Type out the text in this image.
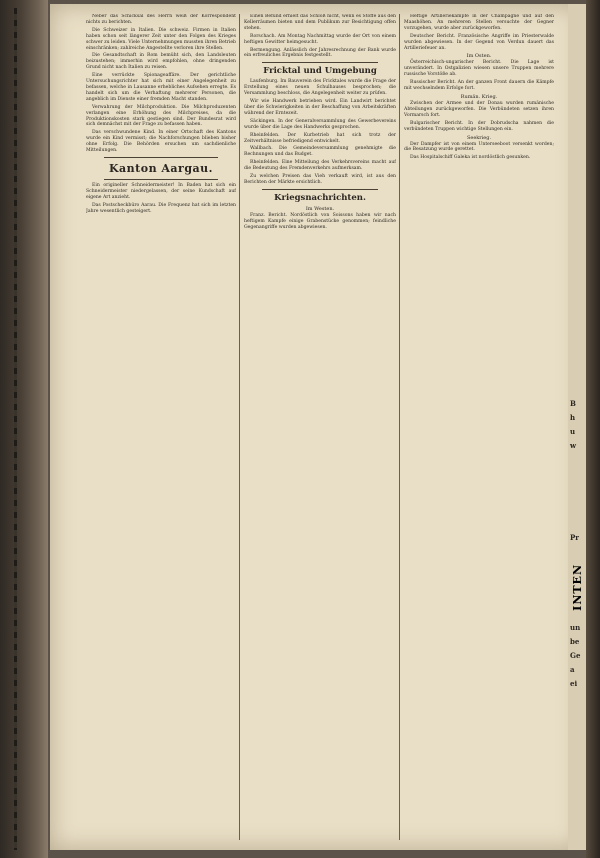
Neber das Schicksal des Herrn weiß der Korrespondent nichts zu berichten.

Die Schweizer in Italien. Die schweiz. Firmen in Italien haben schon seit längerer Zeit unter den Folgen des Krieges schwer zu leiden. Viele Unternehmungen mussten ihren Betrieb einschränken; zahlreiche Angestellte verloren ihre Stellen.

Die Gesandtschaft in Rom bemüht sich, den Landsleuten beizustehen; immerhin wird empfohlen, ohne dringenden Grund nicht nach Italien zu reisen.

Eine verrückte Spionageaffäre. Der gerichtliche Untersuchungsrichter hat sich mit einer Angelegenheit zu befassen, welche in Lausanne erhebliches Aufsehen erregte. Es handelt sich um die Verhaftung mehrerer Personen, die angeblich im Dienste einer fremden Macht standen.

Verwahrung der Milchproduktion. Die Milchproduzenten verlangen eine Erhöhung des Milchpreises, da die Produktionskosten stark gestiegen sind. Der Bundesrat wird sich demnächst mit der Frage zu befassen haben.

Das verschwundene Kind. In einer Ortschaft des Kantons wurde ein Kind vermisst; die Nachforschungen blieben bisher ohne Erfolg. Die Behörden ersuchen um sachdienliche Mitteilungen.

Kanton Aargau.

Ein origineller Schneidermeister! In Baden hat sich ein Schneidermeister niedergelassen, der seine Kundschaft auf eigene Art anzieht.

Das Postscheckbüro Aarau. Die Frequenz hat sich im letzten Jahre wesentlich gesteigert.

Einen Befund erhielt das Schloß nicht, wenn es Stoffe aus den Kellerräumen bieten und dem Publikum zur Besichtigung offen stehen.

Rorschach. Am Montag Nachmittag wurde der Ort von einem heftigen Gewitter heimgesucht.

Bermengung. Anlässlich der Jahresrechnung der Bank wurde ein erfreuliches Ergebnis festgestellt.

Fricktal und Umgebung

Laufenburg. Im Bauverein des Fricktales wurde die Frage der Erstellung eines neuen Schulhauses besprochen; die Versammlung beschloss, die Angelegenheit weiter zu prüfen.

Wir wie Handwerk betrieben wird. Ein Landwirt berichtet über die Schwierigkeiten in der Beschaffung von Arbeitskräften während der Erntezeit.

Säckingen. In der Generalversammlung des Gewerbevereins wurde über die Lage des Handwerks gesprochen.

Rheinfelden. Der Kurbetrieb hat sich trotz der Zeitverhältnisse befriedigend entwickelt.

Wallbach. Die Gemeindeversammlung genehmigte die Rechnungen und das Budget.

Rheinfelden. Eine Mitteilung des Verkehrsvereins macht auf die Bedeutung des Fremdenverkehrs aufmerksam.

Zu welchen Preisen das Vieh verkauft wird, ist aus den Berichten der Märkte ersichtlich.

Kriegsnachrichten.
Im Westen.

Franz. Bericht. Nordöstlich von Soissons haben wir nach heftigem Kampfe einige Grabenstücke genommen; feindliche Gegenangriffe wurden abgewiesen.

Heftige Artilleriekämpfe in der Champagne und auf den Maashöhen. An mehreren Stellen versuchte der Gegner vorzugehen, wurde aber zurückgeworfen.

Deutscher Bericht. Französische Angriffe im Priesterwalde wurden abgewiesen. In der Gegend von Verdun dauert das Artilleriefeuer an.

Im Osten.

Österreichisch-ungarischer Bericht. Die Lage ist unverändert. In Ostgalizien wiesen unsere Truppen mehrere russische Vorstöße ab.

Russischer Bericht. An der ganzen Front dauern die Kämpfe mit wechselndem Erfolge fort.

Rumän. Krieg.

Zwischen der Armee und der Donau wurden rumänische Abteilungen zurückgeworfen. Die Verbündeten setzen ihren Vormarsch fort.

Bulgarischer Bericht. In der Dobrudscha nahmen die verbündeten Truppen wichtige Stellungen ein.

Seekrieg.

Der Dampfer ist von einem Unterseeboot versenkt worden; die Besatzung wurde gerettet.

Das Hospitalschiff Galeka ist nordöstlich gesunken.

B
h
u
w
Pr
un
be
Ge
a
ei
INTEN
